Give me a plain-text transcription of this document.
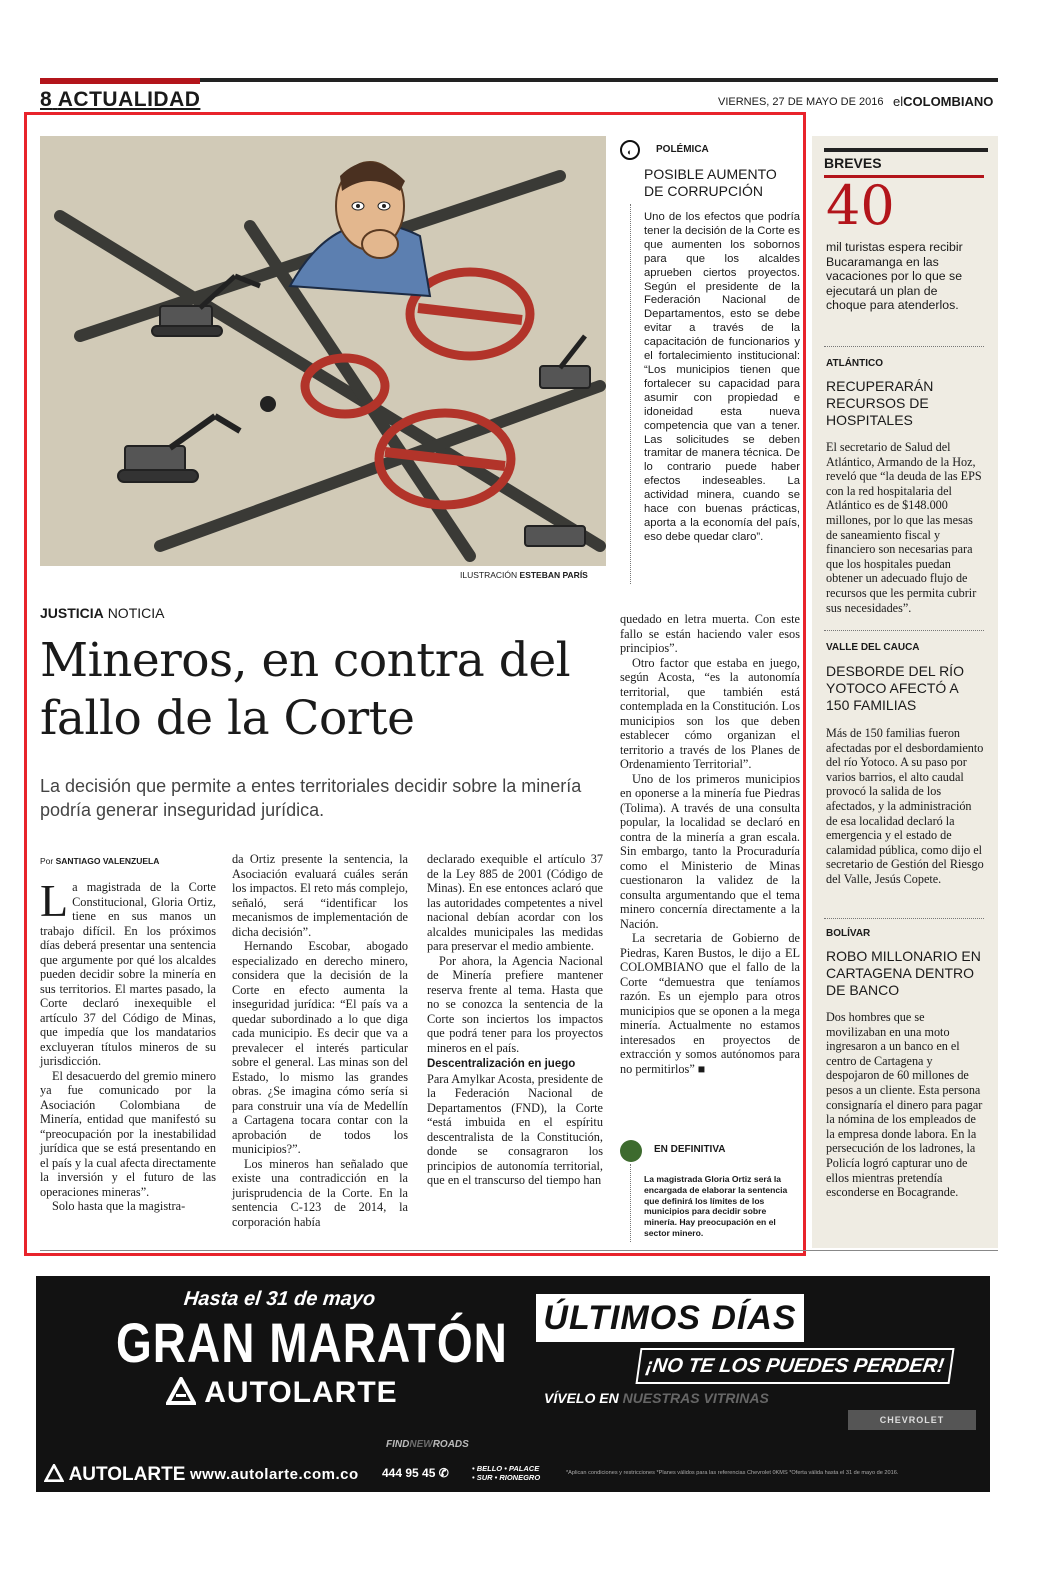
8 ACTUALIDAD	VIERNES, 27 DE MAYO DE 2016 elCOLOMBIANO
ILUSTRACIÓN ESTEBAN PARÍS
◐	POLÉMICA
POSIBLE AUMENTO DE CORRUPCIÓN
Uno de los efectos que podría tener la decisión de la Corte es que aumenten los sobornos para que los alcaldes aprueben ciertos proyectos. Según el presidente de la Federación Nacional de Departamentos, esto se debe evitar a través de la capacitación de funcionarios y el fortalecimiento institucional: “Los municipios tienen que fortalecer su capacidad para asumir con propiedad e idoneidad esta nueva competencia que van a tener. Las solicitudes se deben tramitar de manera técnica. De lo contrario puede haber efectos indeseables. La actividad minera, cuando se hace con buenas prácticas, aporta a la economía del país, eso debe quedar claro”.
JUSTICIA NOTICIA
Mineros, en contra del fallo de la Corte
La decisión que permite a entes territoriales decidir sobre la minería podría generar inseguridad jurídica.
Por SANTIAGO VALENZUELA

La magistrada de la Corte Constitucional, Gloria Ortiz, tiene en sus manos un trabajo difícil. En los próximos días deberá presentar una sentencia que argumente por qué los alcaldes pueden decidir sobre la minería en sus territorios. El martes pasado, la Corte declaró inexequible el artículo 37 del Código de Minas, que impedía que los mandatarios excluyeran títulos mineros de su jurisdicción.

El desacuerdo del gremio minero ya fue comunicado por la Asociación Colombiana de Minería, entidad que manifestó su “preocupación por la inestabilidad jurídica que se está presentando en el país y la cual afecta directamente la inversión y el futuro de las operaciones mineras”.

Solo hasta que la magistra-

da Ortiz presente la sentencia, la Asociación evaluará cuáles serán los impactos. El reto más complejo, señaló, será “identificar los mecanismos de implementación de dicha decisión”.

Hernando Escobar, abogado especializado en derecho minero, considera que la decisión de la Corte en efecto aumenta la inseguridad jurídica: “El país va a quedar subordinado a lo que diga cada municipio. Es decir que va a prevalecer el interés particular sobre el general. Las minas son del Estado, lo mismo las grandes obras. ¿Se imagina cómo sería si para construir una vía de Medellín a Cartagena tocara contar con la aprobación de todos los municipios?”.

Los mineros han señalado que existe una contradicción en la jurisprudencia de la Corte. En la sentencia C-123 de 2014, la corporación había

declarado exequible el artículo 37 de la Ley 885 de 2001 (Código de Minas). En ese entonces aclaró que las autoridades competentes a nivel nacional debían acordar con los alcaldes municipales las medidas para preservar el medio ambiente.

Por ahora, la Agencia Nacional de Minería prefiere mantener reserva frente al tema. Hasta que no se conozca la sentencia de la Corte son inciertos los impactos que podrá tener para los proyectos mineros en el país.

Descentralización en juego

Para Amylkar Acosta, presidente de la Federación Nacional de Departamentos (FND), la Corte “está imbuida en el espíritu descentralista de la Constitución, donde se consagraron los principios de autonomía territorial, que en el transcurso del tiempo han

quedado en letra muerta. Con este fallo se están haciendo valer esos principios”.

Otro factor que estaba en juego, según Acosta, “es la autonomía territorial, que también está contemplada en la Constitución. Los municipios son los que deben establecer cómo organizan el territorio a través de los Planes de Ordenamiento Territorial”.

Uno de los primeros municipios en oponerse a la minería fue Piedras (Tolima). A través de una consulta popular, la localidad se declaró en contra de la minería a gran escala. Sin embargo, tanto la Procuraduría como el Ministerio de Minas cuestionaron la validez de la consulta argumentando que el tema minero concernía directamente a la Nación.

La secretaria de Gobierno de Piedras, Karen Bustos, le dijo a EL COLOMBIANO que el fallo de la Corte “demuestra que teníamos razón. Es un ejemplo para otros municipios que se oponen a la mega minería. Actualmente no estamos interesados en proyectos de extracción y somos autónomos para no permitirlos” ■

EN DEFINITIVA
La magistrada Gloria Ortiz será la encargada de elaborar la sentencia que definirá los límites de los municipios para decidir sobre minería. Hay preocupación en el sector minero.
BREVES
40
mil turistas espera recibir Bucaramanga en las vacaciones por lo que se ejecutará un plan de choque para atenderlos.
ATLÁNTICO
RECUPERARÁN RECURSOS DE HOSPITALES
El secretario de Salud del Atlántico, Armando de la Hoz, reveló que “la deuda de las EPS con la red hospitalaria del Atlántico es de $148.000 millones, por lo que las mesas de saneamiento fiscal y financiero son necesarias para que los hospitales puedan obtener un adecuado flujo de recursos que les permita cubrir sus necesidades”.
VALLE DEL CAUCA
DESBORDE DEL RÍO YOTOCO AFECTÓ A 150 FAMILIAS
Más de 150 familias fueron afectadas por el desbordamiento del río Yotoco. A su paso por varios barrios, el alto caudal provocó la salida de los afectados, y la administración de esa localidad declaró la emergencia y el estado de calamidad pública, como dijo el secretario de Gestión del Riesgo del Valle, Jesús Copete.
BOLÍVAR
ROBO MILLONARIO EN CARTAGENA DENTRO DE BANCO
Dos hombres que se movilizaban en una moto ingresaron a un banco en el centro de Cartagena y despojaron de 60 millones de pesos a un cliente. Esta persona consignaría el dinero para pagar la nómina de los empleados de la empresa donde labora. En la persecución de los ladrones, la Policía logró capturar uno de ellos mientras pretendía esconderse en Bocagrande.
Hasta el 31 de mayo
GRAN MARATÓN
AUTOLARTE
ÚLTIMOS DÍAS
¡NO TE LOS PUEDES PERDER!
VÍVELO EN NUESTRAS VITRINAS
CHEVROLET
FINDNEWROADS
AUTOLARTE www.autolarte.com.co 444 95 45 ✆	• BELLO • PALACE
• SUR • RIONEGRO	*Aplican condiciones y restricciones *Planes válidos para las referencias Chevrolet 0KMS *Oferta válida hasta el 31 de mayo de 2016.
